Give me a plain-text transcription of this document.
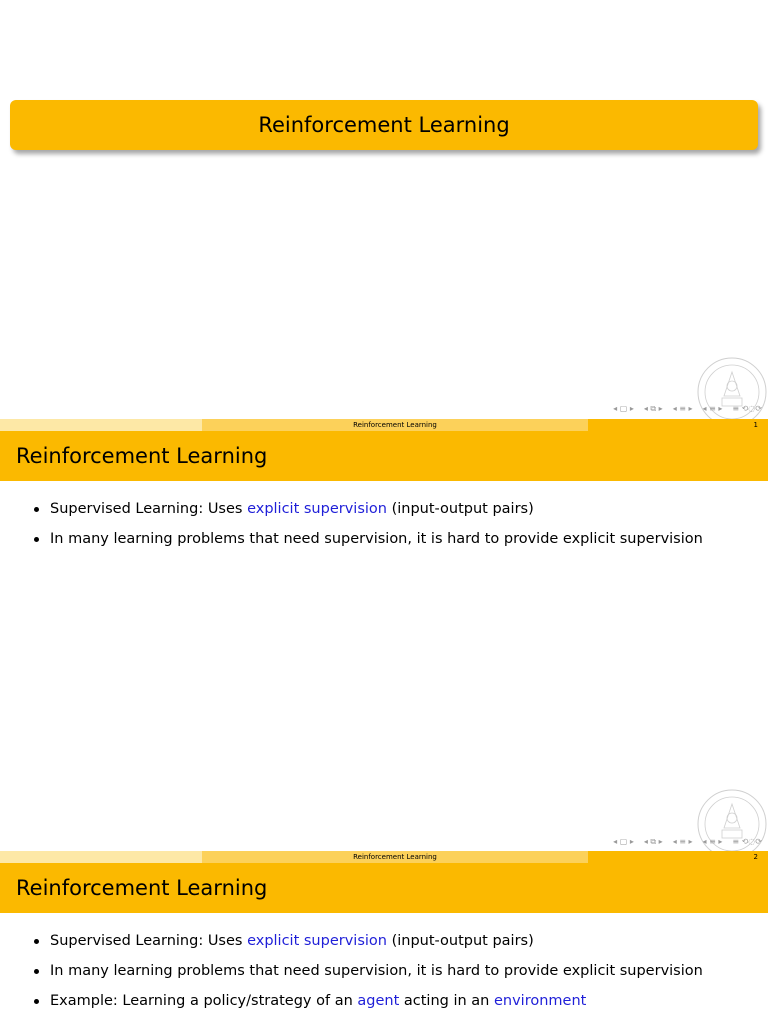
Reinforcement Learning
◂ ▢ ▸ ◂ ⧉ ▸ ◂ ≡ ▸ ◂ ≡ ▸ ≡ ⟲◌⟳
Reinforcement Learning	1
Reinforcement Learning
Supervised Learning: Uses explicit supervision (input-output pairs)
In many learning problems that need supervision, it is hard to provide explicit supervision
◂ ▢ ▸ ◂ ⧉ ▸ ◂ ≡ ▸ ◂ ≡ ▸ ≡ ⟲◌⟳
Reinforcement Learning	2
Reinforcement Learning
Supervised Learning: Uses explicit supervision (input-output pairs)
In many learning problems that need supervision, it is hard to provide explicit supervision
Example: Learning a policy/strategy of an agent acting in an environment
